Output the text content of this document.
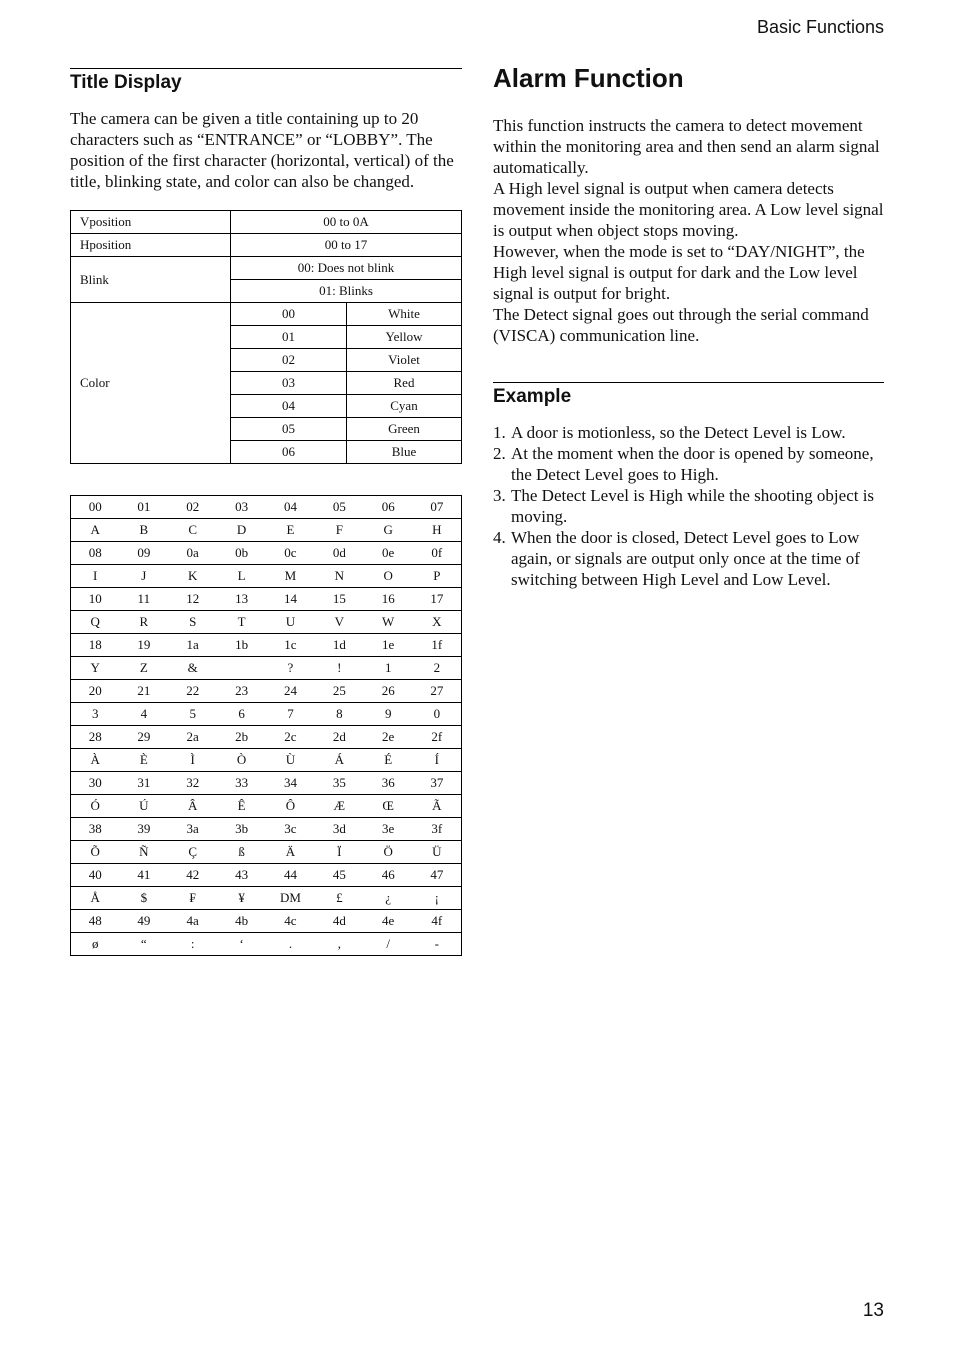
Basic Functions
Title Display

The camera can be given a title containing up to 20 characters such as “ENTRANCE” or “LOBBY”. The position of the first character (horizontal, vertical) of the title, blinking state, and color can also be changed.

Vposition	00 to 0A	
Hposition	00 to 17	
Blink	00: Does not blink	
	01: Blinks	
Color	00	White
	01	Yellow
	02	Violet
	03	Red
	04	Cyan
	05	Green
	06	Blue
00	01	02	03	04	05	06	07
A	B	C	D	E	F	G	H
08	09	0a	0b	0c	0d	0e	0f
I	J	K	L	M	N	O	P
10	11	12	13	14	15	16	17
Q	R	S	T	U	V	W	X
18	19	1a	1b	1c	1d	1e	1f
Y	Z	&		?	!	1	2
20	21	22	23	24	25	26	27
3	4	5	6	7	8	9	0
28	29	2a	2b	2c	2d	2e	2f
À	È	Ì	Ò	Ù	Á	É	Í
30	31	32	33	34	35	36	37
Ó	Ú	Â	Ê	Ô	Æ	Œ	Ã
38	39	3a	3b	3c	3d	3e	3f
Õ	Ñ	Ç	ß	Ä	Ï	Ö	Ü
40	41	42	43	44	45	46	47
Å	$	₣	¥	DM	£	¿	¡
48	49	4a	4b	4c	4d	4e	4f
ø	“	:	‘	.	,	/	-
Alarm Function

This function instructs the camera to detect movement within the monitoring area and then send an alarm signal automatically.

A High level signal is output when camera detects movement inside the monitoring area. A Low level signal is output when object stops moving.

However, when the mode is set to “DAY/NIGHT”, the High level signal is output for dark and the Low level signal is output for bright.

The Detect signal goes out through the serial command (VISCA) communication line.

Example
1. A door is motionless, so the Detect Level is Low.
2. At the moment when the door is opened by someone, the Detect Level goes to High.
3. The Detect Level is High while the shooting object is moving.
4. When the door is closed, Detect Level goes to Low again, or signals are output only once at the time of switching between High Level and Low Level.
13
